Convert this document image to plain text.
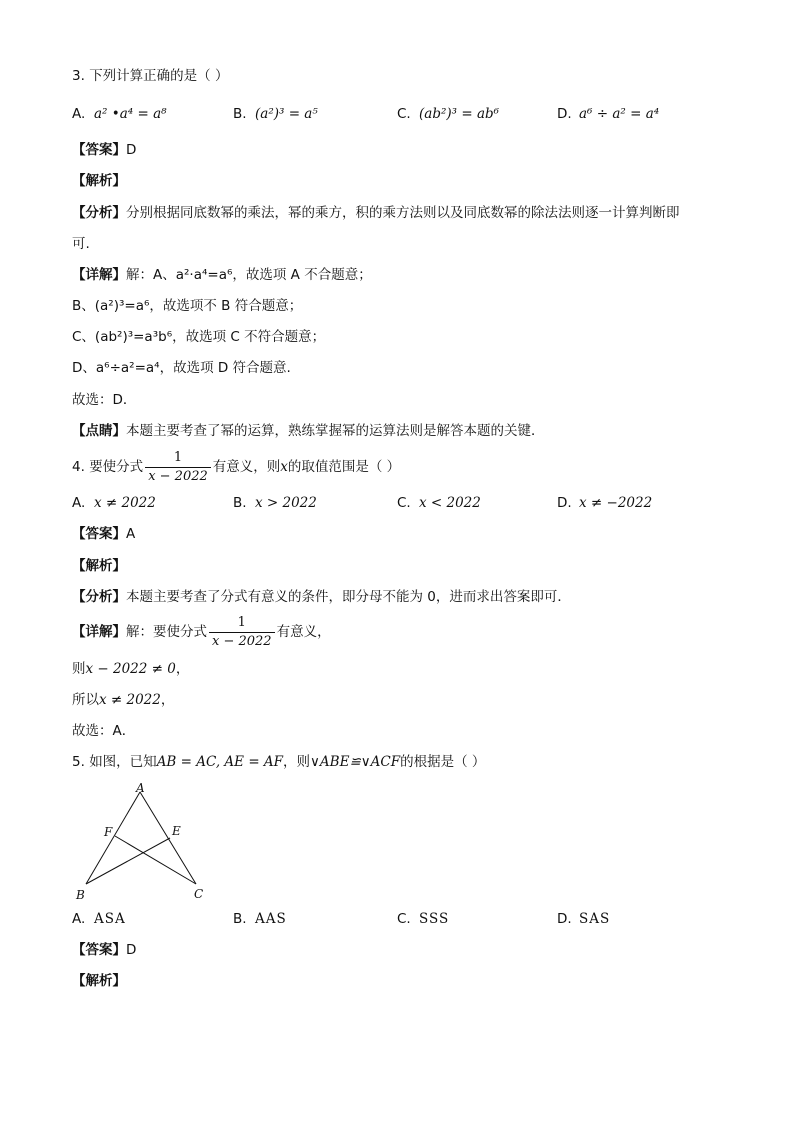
3. 下列计算正确的是（ ）
A. a² •a⁴ = a⁸	B. (a²)³ = a⁵	C. (ab²)³ = ab⁶	D. a⁶ ÷ a² = a⁴
【答案】D
【解析】
【分析】分别根据同底数幂的乘法，幂的乘方，积的乘方法则以及同底数幂的除法法则逐一计算判断即
可.
【详解】解：A、a²·a⁴=a⁶，故选项 A 不合题意；
B、(a²)³=a⁶，故选项不 B 符合题意；
C、(ab²)³=a³b⁶，故选项 C 不符合题意；
D、a⁶÷a²=a⁴，故选项 D 符合题意.
故选：D．
【点睛】本题主要考查了幂的运算，熟练掌握幂的运算法则是解答本题的关键．
4. 要使分式 $\frac{1}{x - 2022}$ 有意义，则x的取值范围是（ ）
A. x ≠ 2022	B. x > 2022	C. x < 2022	D. x ≠ −2022
【答案】A
【解析】
【分析】本题主要考查了分式有意义的条件，即分母不能为 0，进而求出答案即可．
【详解】解：要使分式 $\frac{1}{x - 2022}$ 有意义，
则x − 2022 ≠ 0，
所以x ≠ 2022，
故选：A．
5. 如图，已知AB = AC, AE = AF，则∨ABE≌∨ACF的根据是（ ）
A
B	C
E
F
A. ASA	B. AAS	C. SSS	D. SAS
【答案】D
【解析】
